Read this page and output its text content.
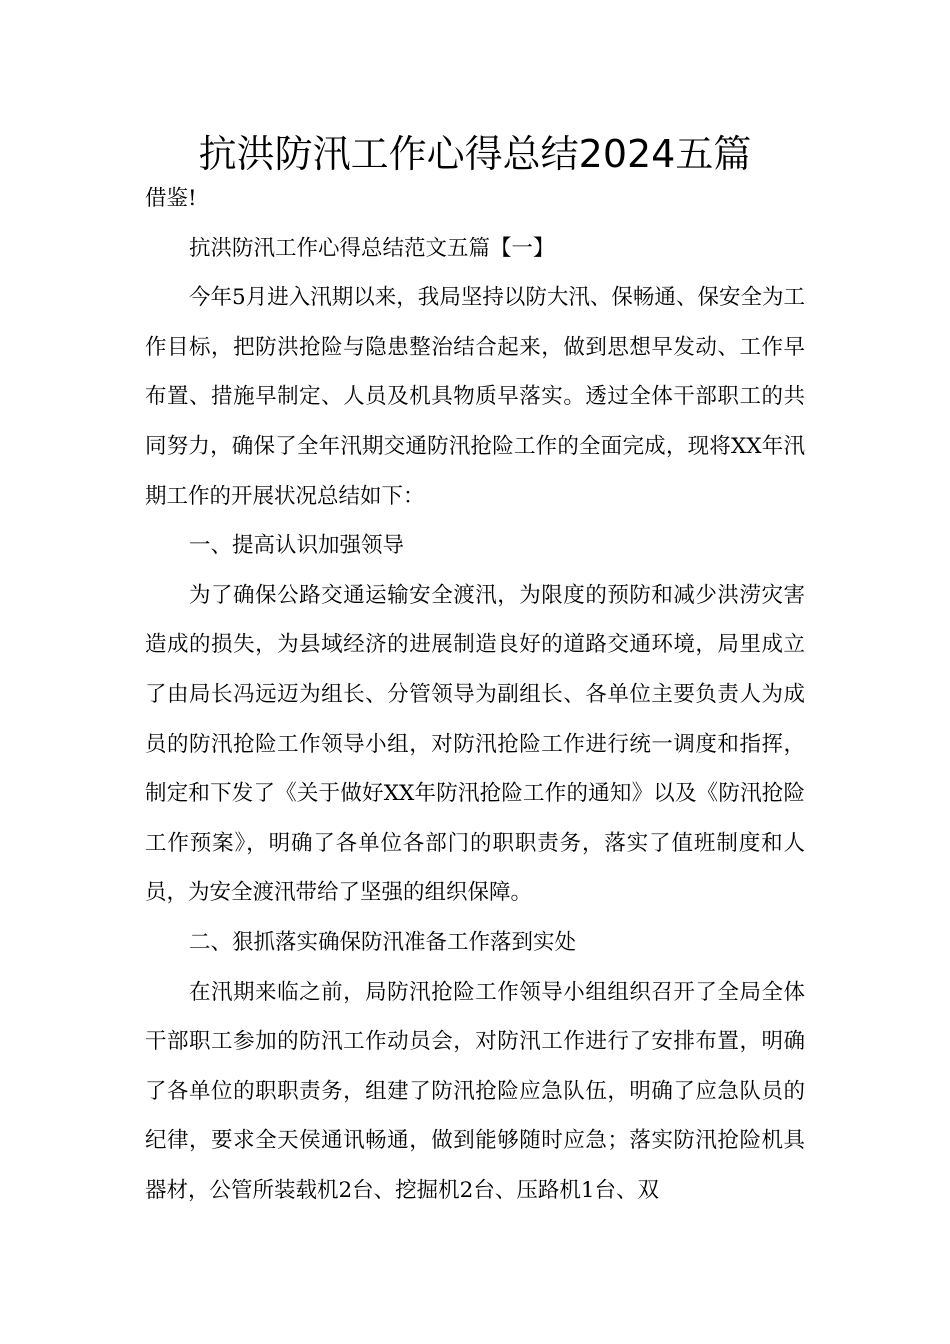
抗洪防汛工作心得总结2024五篇

借鉴!

抗洪防汛工作心得总结范文五篇【一】

今年5月进入汛期以来，我局坚持以防大汛、保畅通、保安全为工作目标，把防洪抢险与隐患整治结合起来，做到思想早发动、工作早布置、措施早制定、人员及机具物质早落实。透过全体干部职工的共同努力，确保了全年汛期交通防汛抢险工作的全面完成，现将XX年汛期工作的开展状况总结如下：

一、提高认识加强领导

为了确保公路交通运输安全渡汛，为限度的预防和减少洪涝灾害造成的损失，为县域经济的进展制造良好的道路交通环境，局里成立了由局长冯远迈为组长、分管领导为副组长、各单位主要负责人为成员的防汛抢险工作领导小组，对防汛抢险工作进行统一调度和指挥，制定和下发了《关于做好XX年防汛抢险工作的通知》以及《防汛抢险工作预案》，明确了各单位各部门的职职责务，落实了值班制度和人员，为安全渡汛带给了坚强的组织保障。

二、狠抓落实确保防汛准备工作落到实处

在汛期来临之前，局防汛抢险工作领导小组组织召开了全局全体干部职工参加的防汛工作动员会，对防汛工作进行了安排布置，明确了各单位的职职责务，组建了防汛抢险应急队伍，明确了应急队员的纪律，要求全天侯通讯畅通，做到能够随时应急；落实防汛抢险机具器材，公管所装载机2台、挖掘机2台、压路机1台、双
